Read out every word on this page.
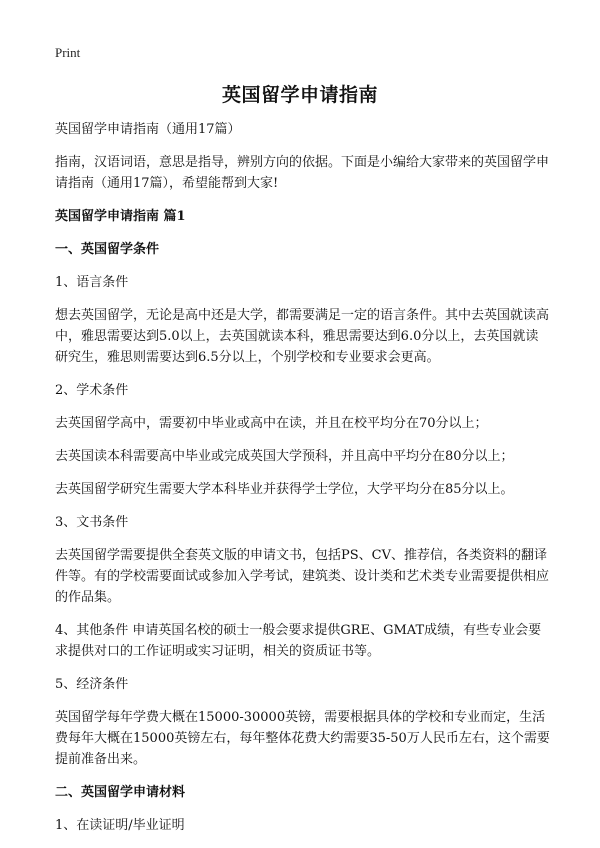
Print
英国留学申请指南

英国留学申请指南（通用17篇）

指南，汉语词语，意思是指导，辨别方向的依据。下面是小编给大家带来的英国留学申请指南（通用17篇），希望能帮到大家!

英国留学申请指南 篇1

一、英国留学条件

1、语言条件

想去英国留学，无论是高中还是大学，都需要满足一定的语言条件。其中去英国就读高中，雅思需要达到5.0以上，去英国就读本科，雅思需要达到6.0分以上，去英国就读研究生，雅思则需要达到6.5分以上，个别学校和专业要求会更高。

2、学术条件

去英国留学高中，需要初中毕业或高中在读，并且在校平均分在70分以上；

去英国读本科需要高中毕业或完成英国大学预科，并且高中平均分在80分以上；

去英国留学研究生需要大学本科毕业并获得学士学位，大学平均分在85分以上。

3、文书条件

去英国留学需要提供全套英文版的申请文书，包括PS、CV、推荐信，各类资料的翻译件等。有的学校需要面试或参加入学考试，建筑类、设计类和艺术类专业需要提供相应的作品集。

4、其他条件 申请英国名校的硕士一般会要求提供GRE、GMAT成绩，有些专业会要求提供对口的工作证明或实习证明，相关的资质证书等。

5、经济条件

英国留学每年学费大概在15000-30000英镑，需要根据具体的学校和专业而定，生活费每年大概在15000英镑左右，每年整体花费大约需要35-50万人民币左右，这个需要提前准备出来。

二、英国留学申请材料

1、在读证明/毕业证明
